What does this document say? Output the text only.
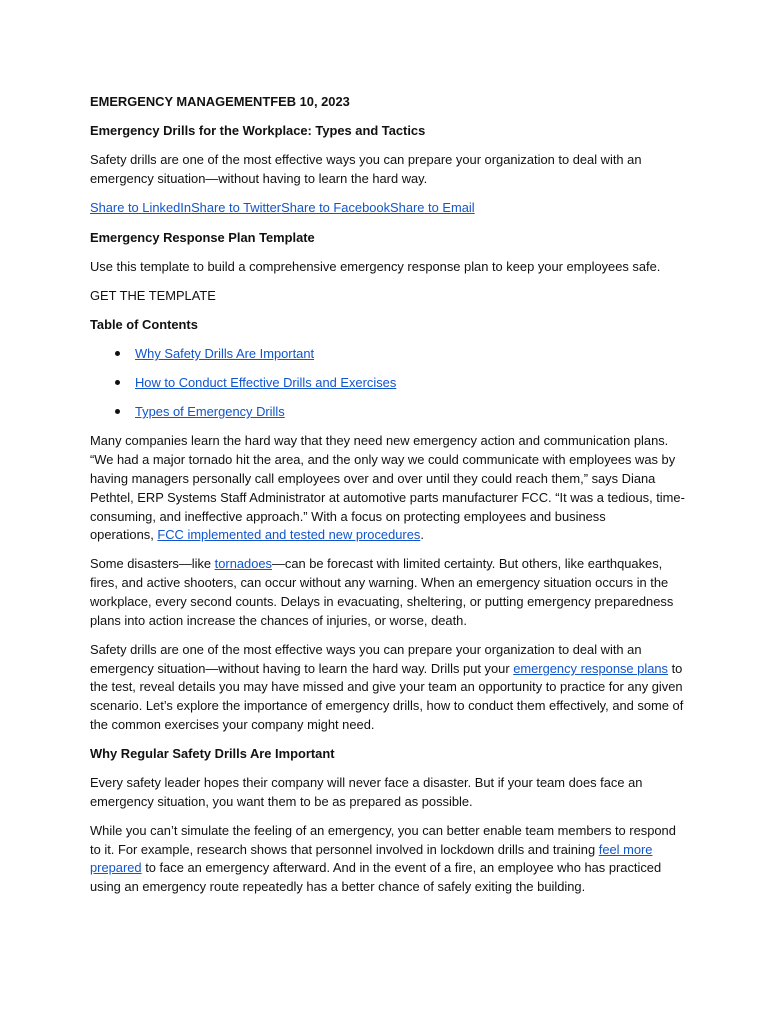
EMERGENCY MANAGEMENTFEB 10, 2023
Emergency Drills for the Workplace: Types and Tactics
Safety drills are one of the most effective ways you can prepare your organization to deal with an
emergency situation—without having to learn the hard way.
Share to LinkedInShare to TwitterShare to FacebookShare to Email
Emergency Response Plan Template
Use this template to build a comprehensive emergency response plan to keep your employees safe.
GET THE TEMPLATE
Table of Contents
Why Safety Drills Are Important
How to Conduct Effective Drills and Exercises
Types of Emergency Drills
Many companies learn the hard way that they need new emergency action and communication plans.
“We had a major tornado hit the area, and the only way we could communicate with employees was by
having managers personally call employees over and over until they could reach them,” says Diana
Pethtel, ERP Systems Staff Administrator at automotive parts manufacturer FCC. “It was a tedious, time-
consuming, and ineffective approach.” With a focus on protecting employees and business
operations, FCC implemented and tested new procedures.
Some disasters—like tornadoes—can be forecast with limited certainty. But others, like earthquakes,
fires, and active shooters, can occur without any warning. When an emergency situation occurs in the
workplace, every second counts. Delays in evacuating, sheltering, or putting emergency preparedness
plans into action increase the chances of injuries, or worse, death.
Safety drills are one of the most effective ways you can prepare your organization to deal with an
emergency situation—without having to learn the hard way. Drills put your emergency response plans to
the test, reveal details you may have missed and give your team an opportunity to practice for any given
scenario. Let’s explore the importance of emergency drills, how to conduct them effectively, and some of
the common exercises your company might need.
Why Regular Safety Drills Are Important
Every safety leader hopes their company will never face a disaster. But if your team does face an
emergency situation, you want them to be as prepared as possible.
While you can’t simulate the feeling of an emergency, you can better enable team members to respond
to it. For example, research shows that personnel involved in lockdown drills and training feel more
prepared to face an emergency afterward. And in the event of a fire, an employee who has practiced
using an emergency route repeatedly has a better chance of safely exiting the building.
